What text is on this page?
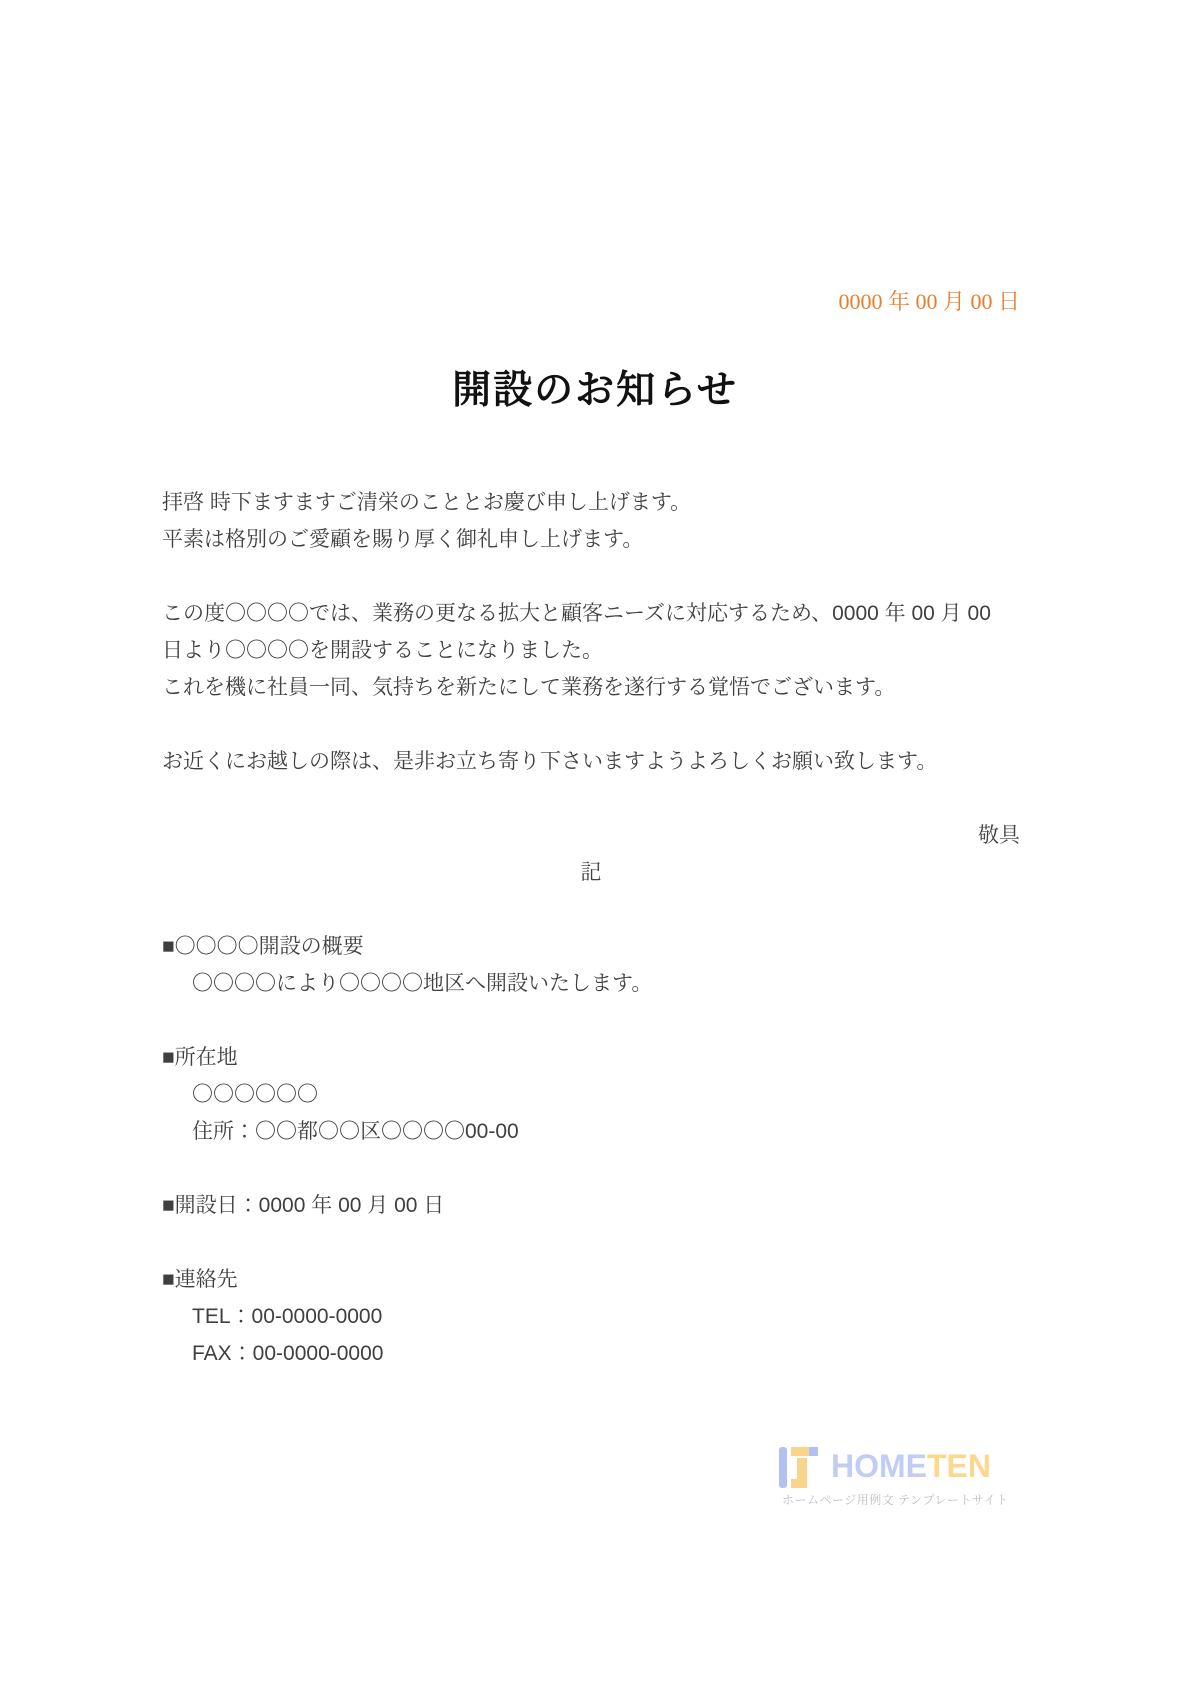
0000 年 00 月 00 日
開設のお知らせ
拝啓 時下ますますご清栄のこととお慶び申し上げます。
平素は格別のご愛顧を賜り厚く御礼申し上げます。
この度〇〇〇〇では、業務の更なる拡大と顧客ニーズに対応するため、0000 年 00 月 00
日より〇〇〇〇を開設することになりました。
これを機に社員一同、気持ちを新たにして業務を遂行する覚悟でございます。
お近くにお越しの際は、是非お立ち寄り下さいますようよろしくお願い致します。
敬具
記
■〇〇〇〇開設の概要
〇〇〇〇により〇〇〇〇地区へ開設いたします。
■所在地
〇〇〇〇〇〇
住所：〇〇都〇〇区〇〇〇〇00-00
■開設日：0000 年 00 月 00 日
■連絡先
TEL：00-0000-0000
FAX：00-0000-0000
HOMETEN
ホームページ用例文 テンプレートサイト
